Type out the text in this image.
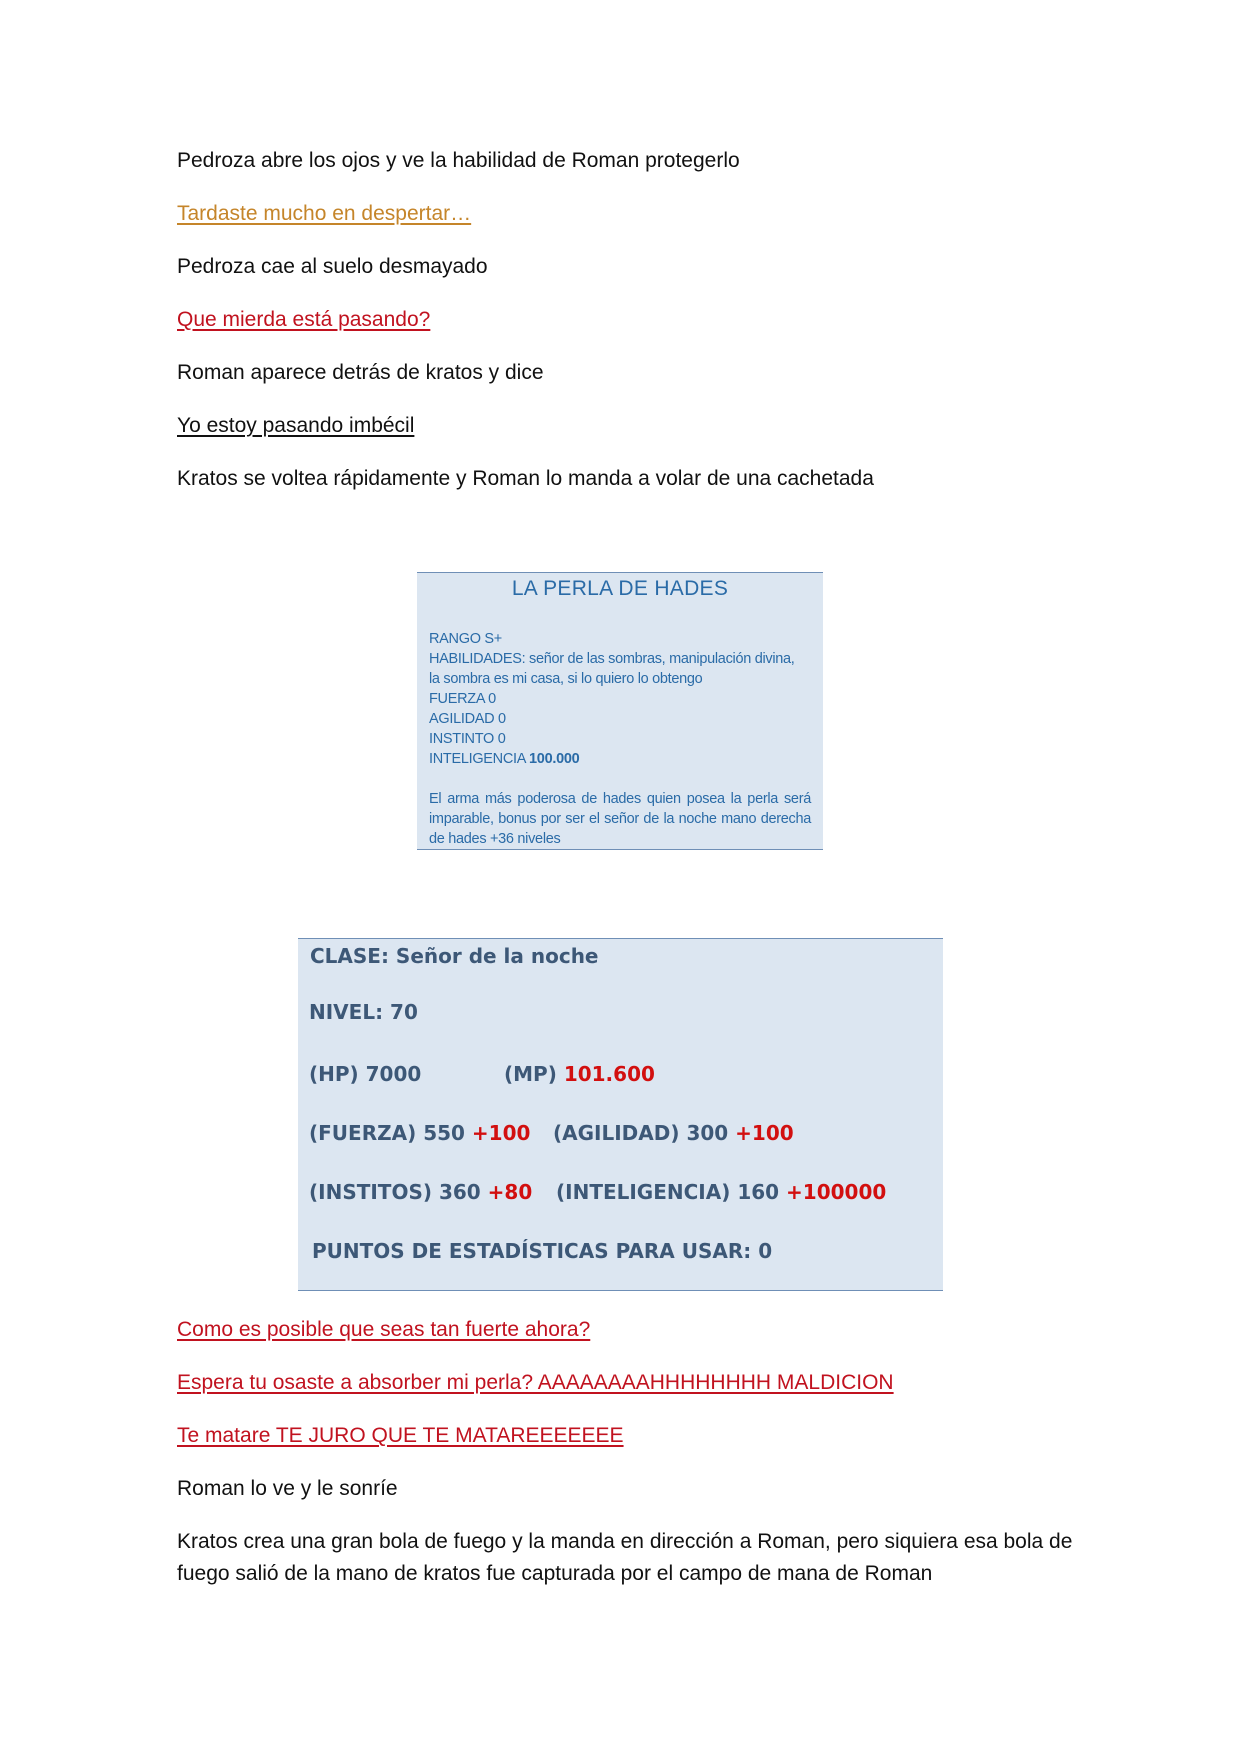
Pedroza abre los ojos y ve la habilidad de Roman protegerlo
Tardaste mucho en despertar…
Pedroza cae al suelo desmayado
Que mierda está pasando?
Roman aparece detrás de kratos y dice
Yo estoy pasando imbécil
Kratos se voltea rápidamente y Roman lo manda a volar de una cachetada
LA PERLA DE HADES
RANGO S+
HABILIDADES: señor de las sombras, manipulación divina,
la sombra es mi casa, si lo quiero lo obtengo
FUERZA 0
AGILIDAD 0
INSTINTO 0
INTELIGENCIA 100.000
El arma más poderosa de hades quien posea la perla será imparable, bonus por ser el señor de la noche mano derecha de hades +36 niveles
CLASE: Señor de la noche
NIVEL: 70
(HP) 7000	(MP) 101.600
(FUERZA) 550 +100 (AGILIDAD) 300 +100
(INSTITOS) 360 +80 (INTELIGENCIA) 160 +100000
PUNTOS DE ESTADÍSTICAS PARA USAR: 0
Como es posible que seas tan fuerte ahora?
Espera tu osaste a absorber mi perla? AAAAAAAAHHHHHHHH MALDICION
Te matare TE JURO QUE TE MATAREEEEEEE
Roman lo ve y le sonríe
Kratos crea una gran bola de fuego y la manda en dirección a Roman, pero siquiera esa bola de
fuego salió de la mano de kratos fue capturada por el campo de mana de Roman
